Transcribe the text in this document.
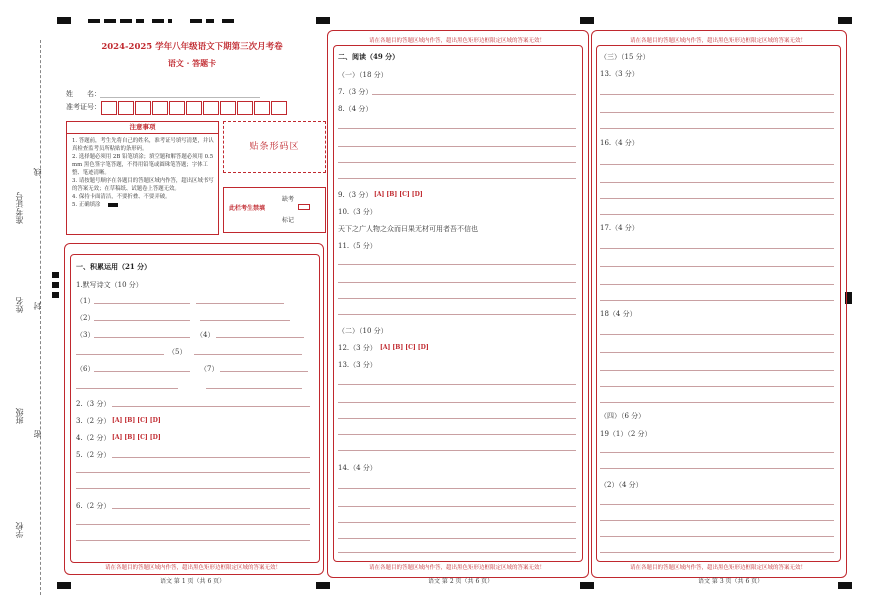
准考证号
线
姓名 封
班级
密
学校
2024-2025 学年八年级语文下期第三次月考卷
语文 · 答题卡
姓　　名：
准考证号：
注意事项
1. 答题前，考生先将自己的姓名，准考证号填写清楚，并认真检查监考员所粘贴的条形码。
2. 选择题必须用 2B 铅笔填涂；填空题和解答题必须用 0.5 mm 黑色签字笔答题，不得用铅笔或圆珠笔答题；字体工整、笔迹清晰。
3. 请按题号顺序在各题目的答题区域内作答，超出区域书写的答案无效；在草稿纸、试题卷上答题无效。
4. 保持卡面清洁，不要折叠、不要弄破。
5. 正确填涂
贴条形码区
此栏考生禁填
缺考
标记
请在各题目的答题区域内作答，超出黑色矩形边框限定区域的答案无效！
语文 第 1 页（共 6 页）
一、积累运用（21 分）
1.默写诗文（10 分）
（1）
（2）
（3）	（4）
（5）
（6）	（7）
2.（3 分）
3.（2 分） [A] [B] [C] [D]
4.（2 分） [A] [B] [C] [D]
5.（2 分）
6.（2 分）
请在各题目的答题区域内作答，超出黑色矩形边框限定区域的答案无效！
请在各题目的答题区域内作答，超出黑色矩形边框限定区域的答案无效！
语文 第 2 页（共 6 页）
二、阅读（49 分）
（一）（18 分）
7.（3 分）
8.（4 分）
9.（3 分） [A] [B] [C] [D]
10.（3 分）
天下之广人物之众而曰果无材可用者吾不信也
11.（5 分）
（二）（10 分）
12.（3 分） [A] [B] [C] [D]
13.（3 分）
14.（4 分）
请在各题目的答题区域内作答，超出黑色矩形边框限定区域的答案无效！
请在各题目的答题区域内作答，超出黑色矩形边框限定区域的答案无效！
语文 第 3 页（共 6 页）
（三）（15 分）
13.（3 分）
16.（4 分）
17.（4 分）
18（4 分）
（四）（6 分）
19（1）（2 分）
（2）（4 分）
